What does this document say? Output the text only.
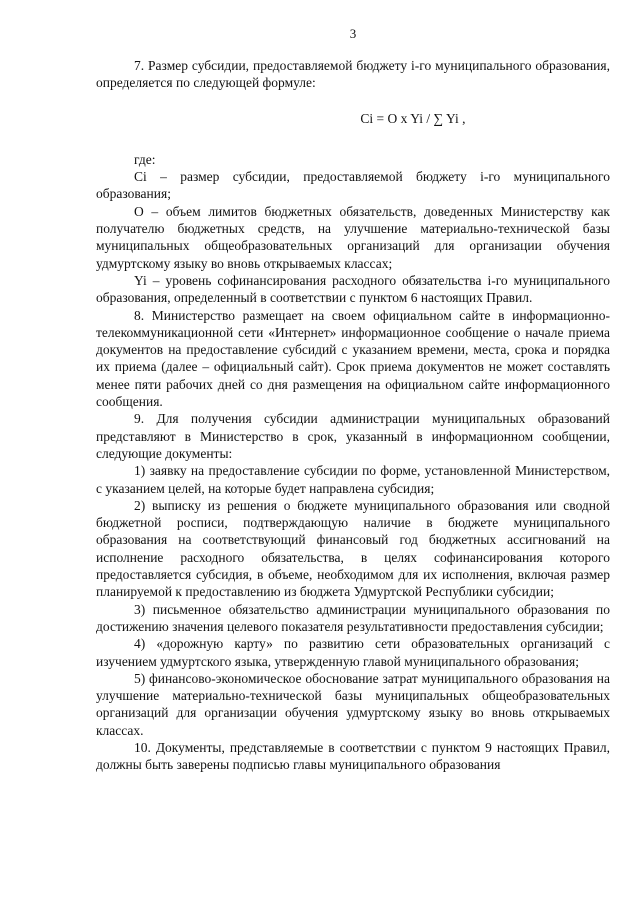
3

7. Размер субсидии, предоставляемой бюджету i-го муниципального образования, определяется по следующей формуле:

Ci = O x Yi / ∑ Yi ,

где:

Ci – размер субсидии, предоставляемой бюджету i-го муниципального образования;

О – объем лимитов бюджетных обязательств, доведенных Министерству как получателю бюджетных средств, на улучшение материально-технической базы муниципальных общеобразовательных организаций для организации обучения удмуртскому языку во вновь открываемых классах;

Yi – уровень софинансирования расходного обязательства i-го муниципального образования, определенный в соответствии с пунктом 6 настоящих Правил.

8. Министерство размещает на своем официальном сайте в информационно-телекоммуникационной сети «Интернет» информационное сообщение о начале приема документов на предоставление субсидий с указанием времени, места, срока и порядка их приема (далее – официальный сайт). Срок приема документов не может составлять менее пяти рабочих дней со дня размещения на официальном сайте информационного сообщения.

9. Для получения субсидии администрации муниципальных образований представляют в Министерство в срок, указанный в информационном сообщении, следующие документы:

1) заявку на предоставление субсидии по форме, установленной Министерством, с указанием целей, на которые будет направлена субсидия;

2) выписку из решения о бюджете муниципального образования или сводной бюджетной росписи, подтверждающую наличие в бюджете муниципального образования на соответствующий финансовый год бюджетных ассигнований на исполнение расходного обязательства, в целях софинансирования которого предоставляется субсидия, в объеме, необходимом для их исполнения, включая размер планируемой к предоставлению из бюджета Удмуртской Республики субсидии;

3) письменное обязательство администрации муниципального образования по достижению значения целевого показателя результативности предоставления субсидии;

4) «дорожную карту» по развитию сети образовательных организаций с изучением удмуртского языка, утвержденную главой муниципального образования;

5) финансово-экономическое обоснование затрат муниципального образования на улучшение материально-технической базы муниципальных общеобразовательных организаций для организации обучения удмуртскому языку во вновь открываемых классах.

10. Документы, представляемые в соответствии с пунктом 9 настоящих Правил, должны быть заверены подписью главы муниципального образования
